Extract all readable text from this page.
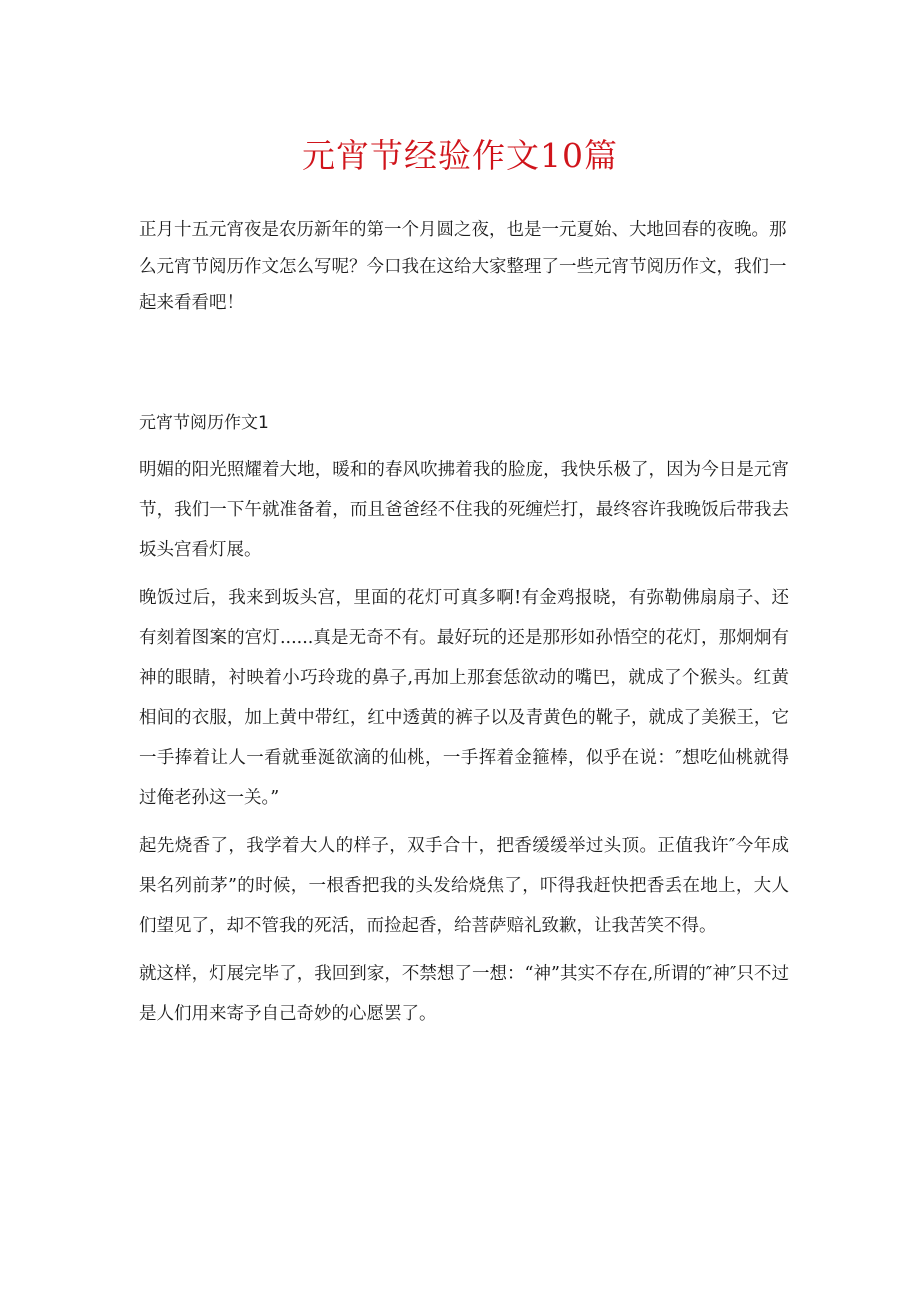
元宵节经验作文10篇

正月十五元宵夜是农历新年的第一个月圆之夜，也是一元夏始、大地回春的夜晚。那么元宵节阅历作文怎么写呢？今口我在这给大家整理了一些元宵节阅历作文，我们一起来看看吧！

元宵节阅历作文1

明媚的阳光照耀着大地，暖和的春风吹拂着我的脸庞，我快乐极了，因为今日是元宵节，我们一下午就准备着，而且爸爸经不住我的死缠烂打，最终容许我晚饭后带我去坂头宫看灯展。

晚饭过后，我来到坂头宫，里面的花灯可真多啊!有金鸡报晓，有弥勒佛扇扇子、还有刻着图案的宫灯......真是无奇不有。最好玩的还是那形如孙悟空的花灯，那炯炯有神的眼睛，衬映着小巧玲珑的鼻子,再加上那套恁欲动的嘴巴，就成了个猴头。红黄相间的衣服，加上黄中带红，红中透黄的裤子以及青黄色的靴子，就成了美猴王，它一手捧着让人一看就垂涎欲滴的仙桃，一手挥着金箍棒，似乎在说：″想吃仙桃就得过俺老孙这一关。”

起先烧香了，我学着大人的样子，双手合十，把香缓缓举过头顶。正值我许″今年成果名列前茅”的时候，一根香把我的头发给烧焦了，吓得我赶快把香丢在地上，大人们望见了，却不管我的死活，而捡起香，给菩萨赔礼致歉，让我苦笑不得。

就这样，灯展完毕了，我回到家，不禁想了一想：“神”其实不存在,所谓的″神″只不过是人们用来寄予自己奇妙的心愿罢了。
